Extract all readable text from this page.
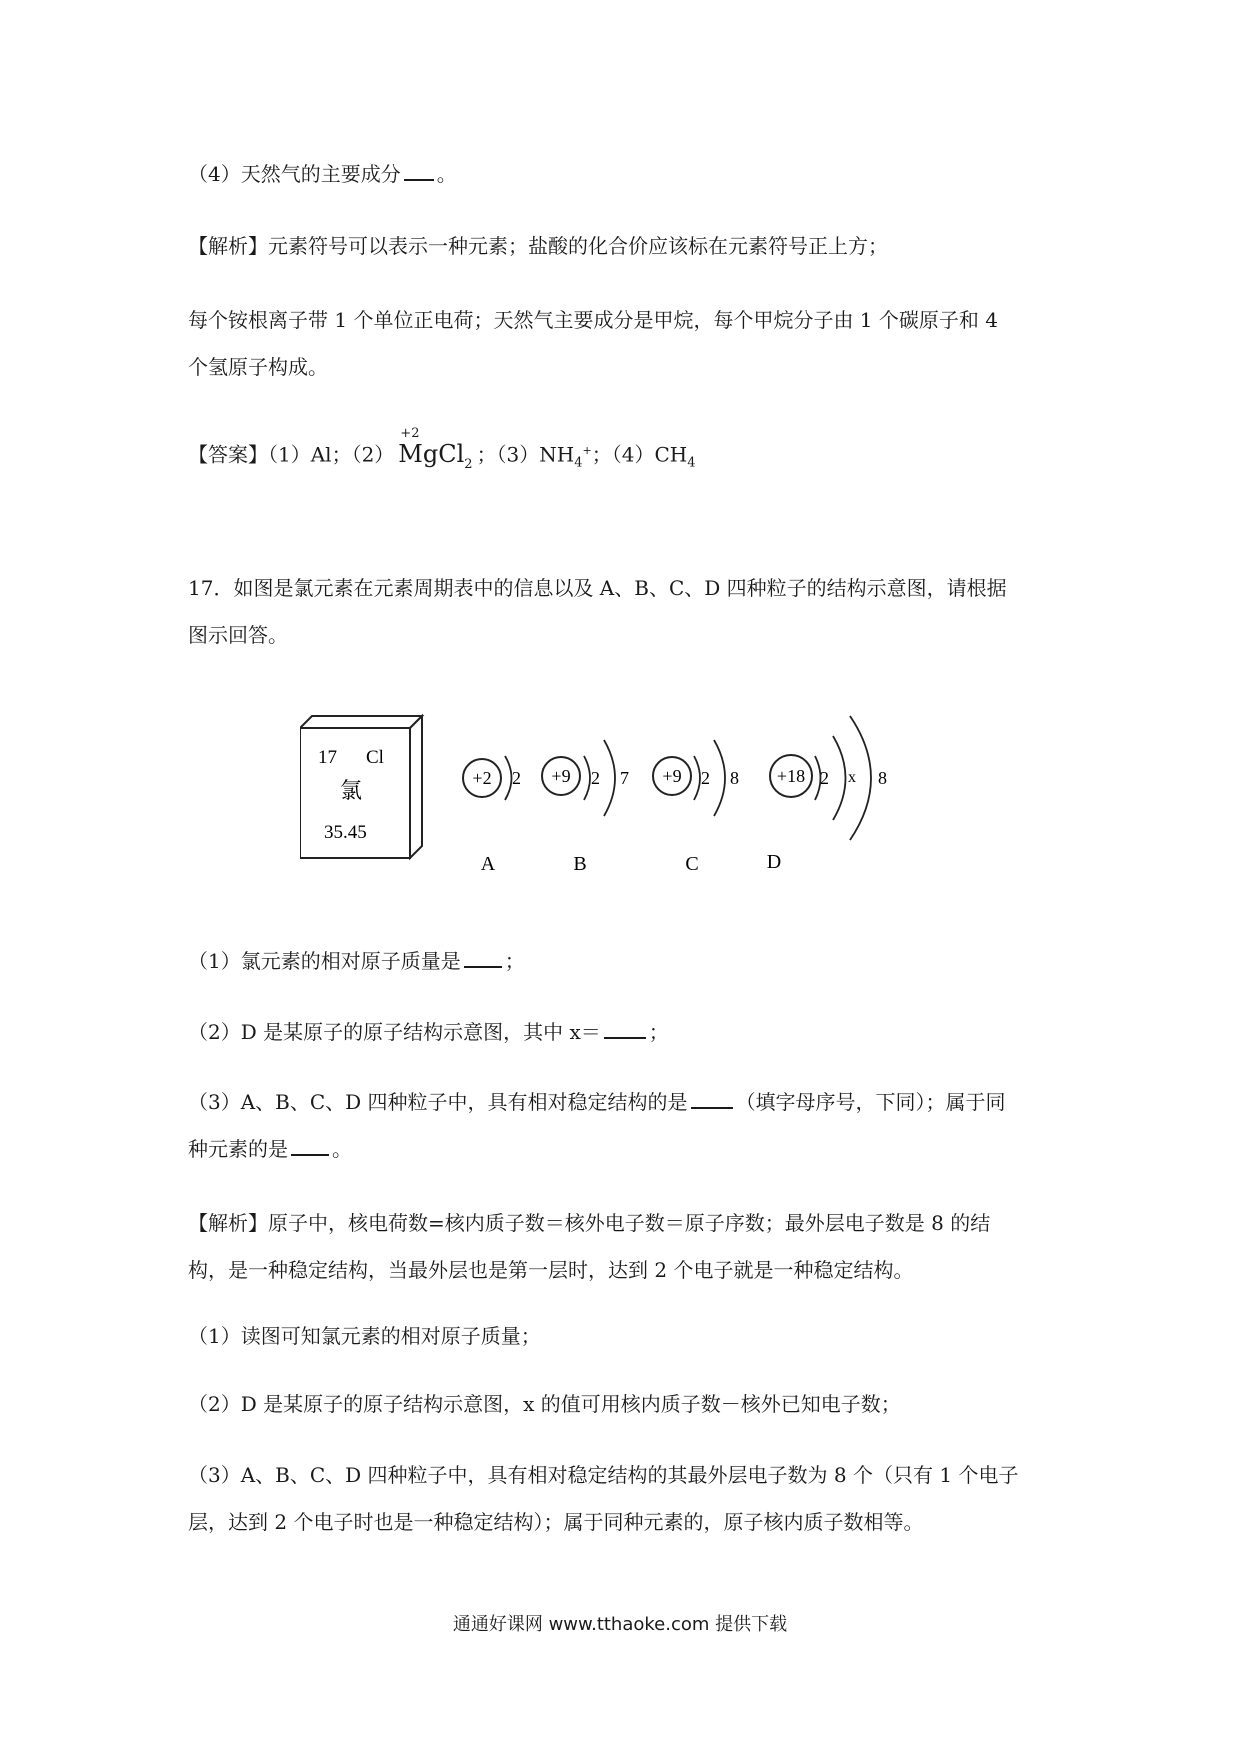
（4）天然气的主要成分 。
【解析】元素符号可以表示一种元素；盐酸的化合价应该标在元素符号正上方；
每个铵根离子带 1 个单位正电荷；天然气主要成分是甲烷，每个甲烷分子由 1 个碳原子和 4
个氢原子构成。
【答案】（1）Al；（2）
+2
MgCl$_2$ ；$(3)NH_4^+$；$(4)CH_4$
17．如图是氯元素在元素周期表中的信息以及 A、B、C、D 四种粒子的结构示意图，请根据
图示回答。
17 Cl
氯
35.45
+2 2
A
+9 2 7
B
+9 2 8
C
+18 2 x 8
D
（1）氯元素的相对原子质量是 ；
（2）D 是某原子的原子结构示意图，其中 x＝ ；
（3）A、B、C、D 四种粒子中，具有相对稳定结构的是 （填字母序号，下同）；属于同
种元素的是 。
【解析】原子中，核电荷数=核内质子数＝核外电子数＝原子序数；最外层电子数是 8 的结
构，是一种稳定结构，当最外层也是第一层时，达到 2 个电子就是一种稳定结构。
（1）读图可知氯元素的相对原子质量；
（2）D 是某原子的原子结构示意图，x 的值可用核内质子数－核外已知电子数；
（3）A、B、C、D 四种粒子中，具有相对稳定结构的其最外层电子数为 8 个（只有 1 个电子
层，达到 2 个电子时也是一种稳定结构）；属于同种元素的，原子核内质子数相等。
通通好课网 www.tthaoke.com 提供下载
